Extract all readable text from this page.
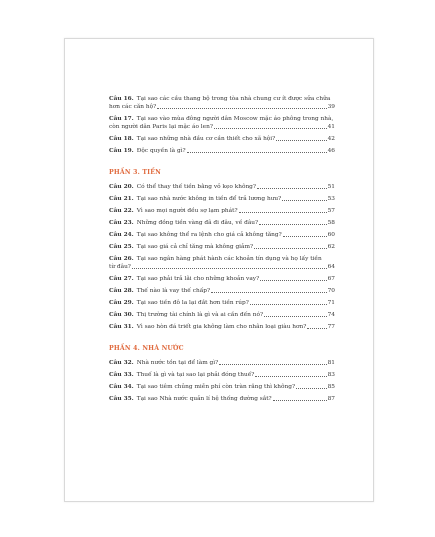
Câu 16. Tại sao các cầu thang bộ trong tòa nhà chung cư ít được sửa chữa
hơn các căn hộ?	39
Câu 17. Tại sao vào mùa đông người dân Moscow mặc áo phông trong nhà,
còn người dân Paris lại mặc áo len?	41
Câu 18. Tại sao những nhà đầu cơ cần thiết cho xã hội?	42
Câu 19. Độc quyền là gì?	46
PHẦN 3. TIỀN
Câu 20. Có thể thay thế tiền bằng vỏ kẹo không?	51
Câu 21. Tại sao nhà nước không in tiền để trả lương hưu?	53
Câu 22. Vì sao mọi người đều sợ lạm phát?	57
Câu 23. Những đồng tiền vàng đã đi đâu, về đâu?	58
Câu 24. Tại sao không thể ra lệnh cho giá cả không tăng?	60
Câu 25. Tại sao giá cả chỉ tăng mà không giảm?	62
Câu 26. Tại sao ngân hàng phát hành các khoản tín dụng và họ lấy tiền
từ đâu?	64
Câu 27. Tại sao phải trả lãi cho những khoản vay?	67
Câu 28. Thế nào là vay thế chấp?	70
Câu 29. Tại sao tiền đô la lại đắt hơn tiền rúp?	71
Câu 30. Thị trường tài chính là gì và ai cần đến nó?	74
Câu 31. Vì sao hòn đá triết gia không làm cho nhân loại giàu hơn?	77
PHẦN 4. NHÀ NƯỚC
Câu 32. Nhà nước tồn tại để làm gì?	81
Câu 33. Thuế là gì và tại sao lại phải đóng thuế?	83
Câu 34. Tại sao tiêm chủng miễn phí còn tràn răng thì không?	85
Câu 35. Tại sao Nhà nước quản lí hệ thống đường sắt?	87
